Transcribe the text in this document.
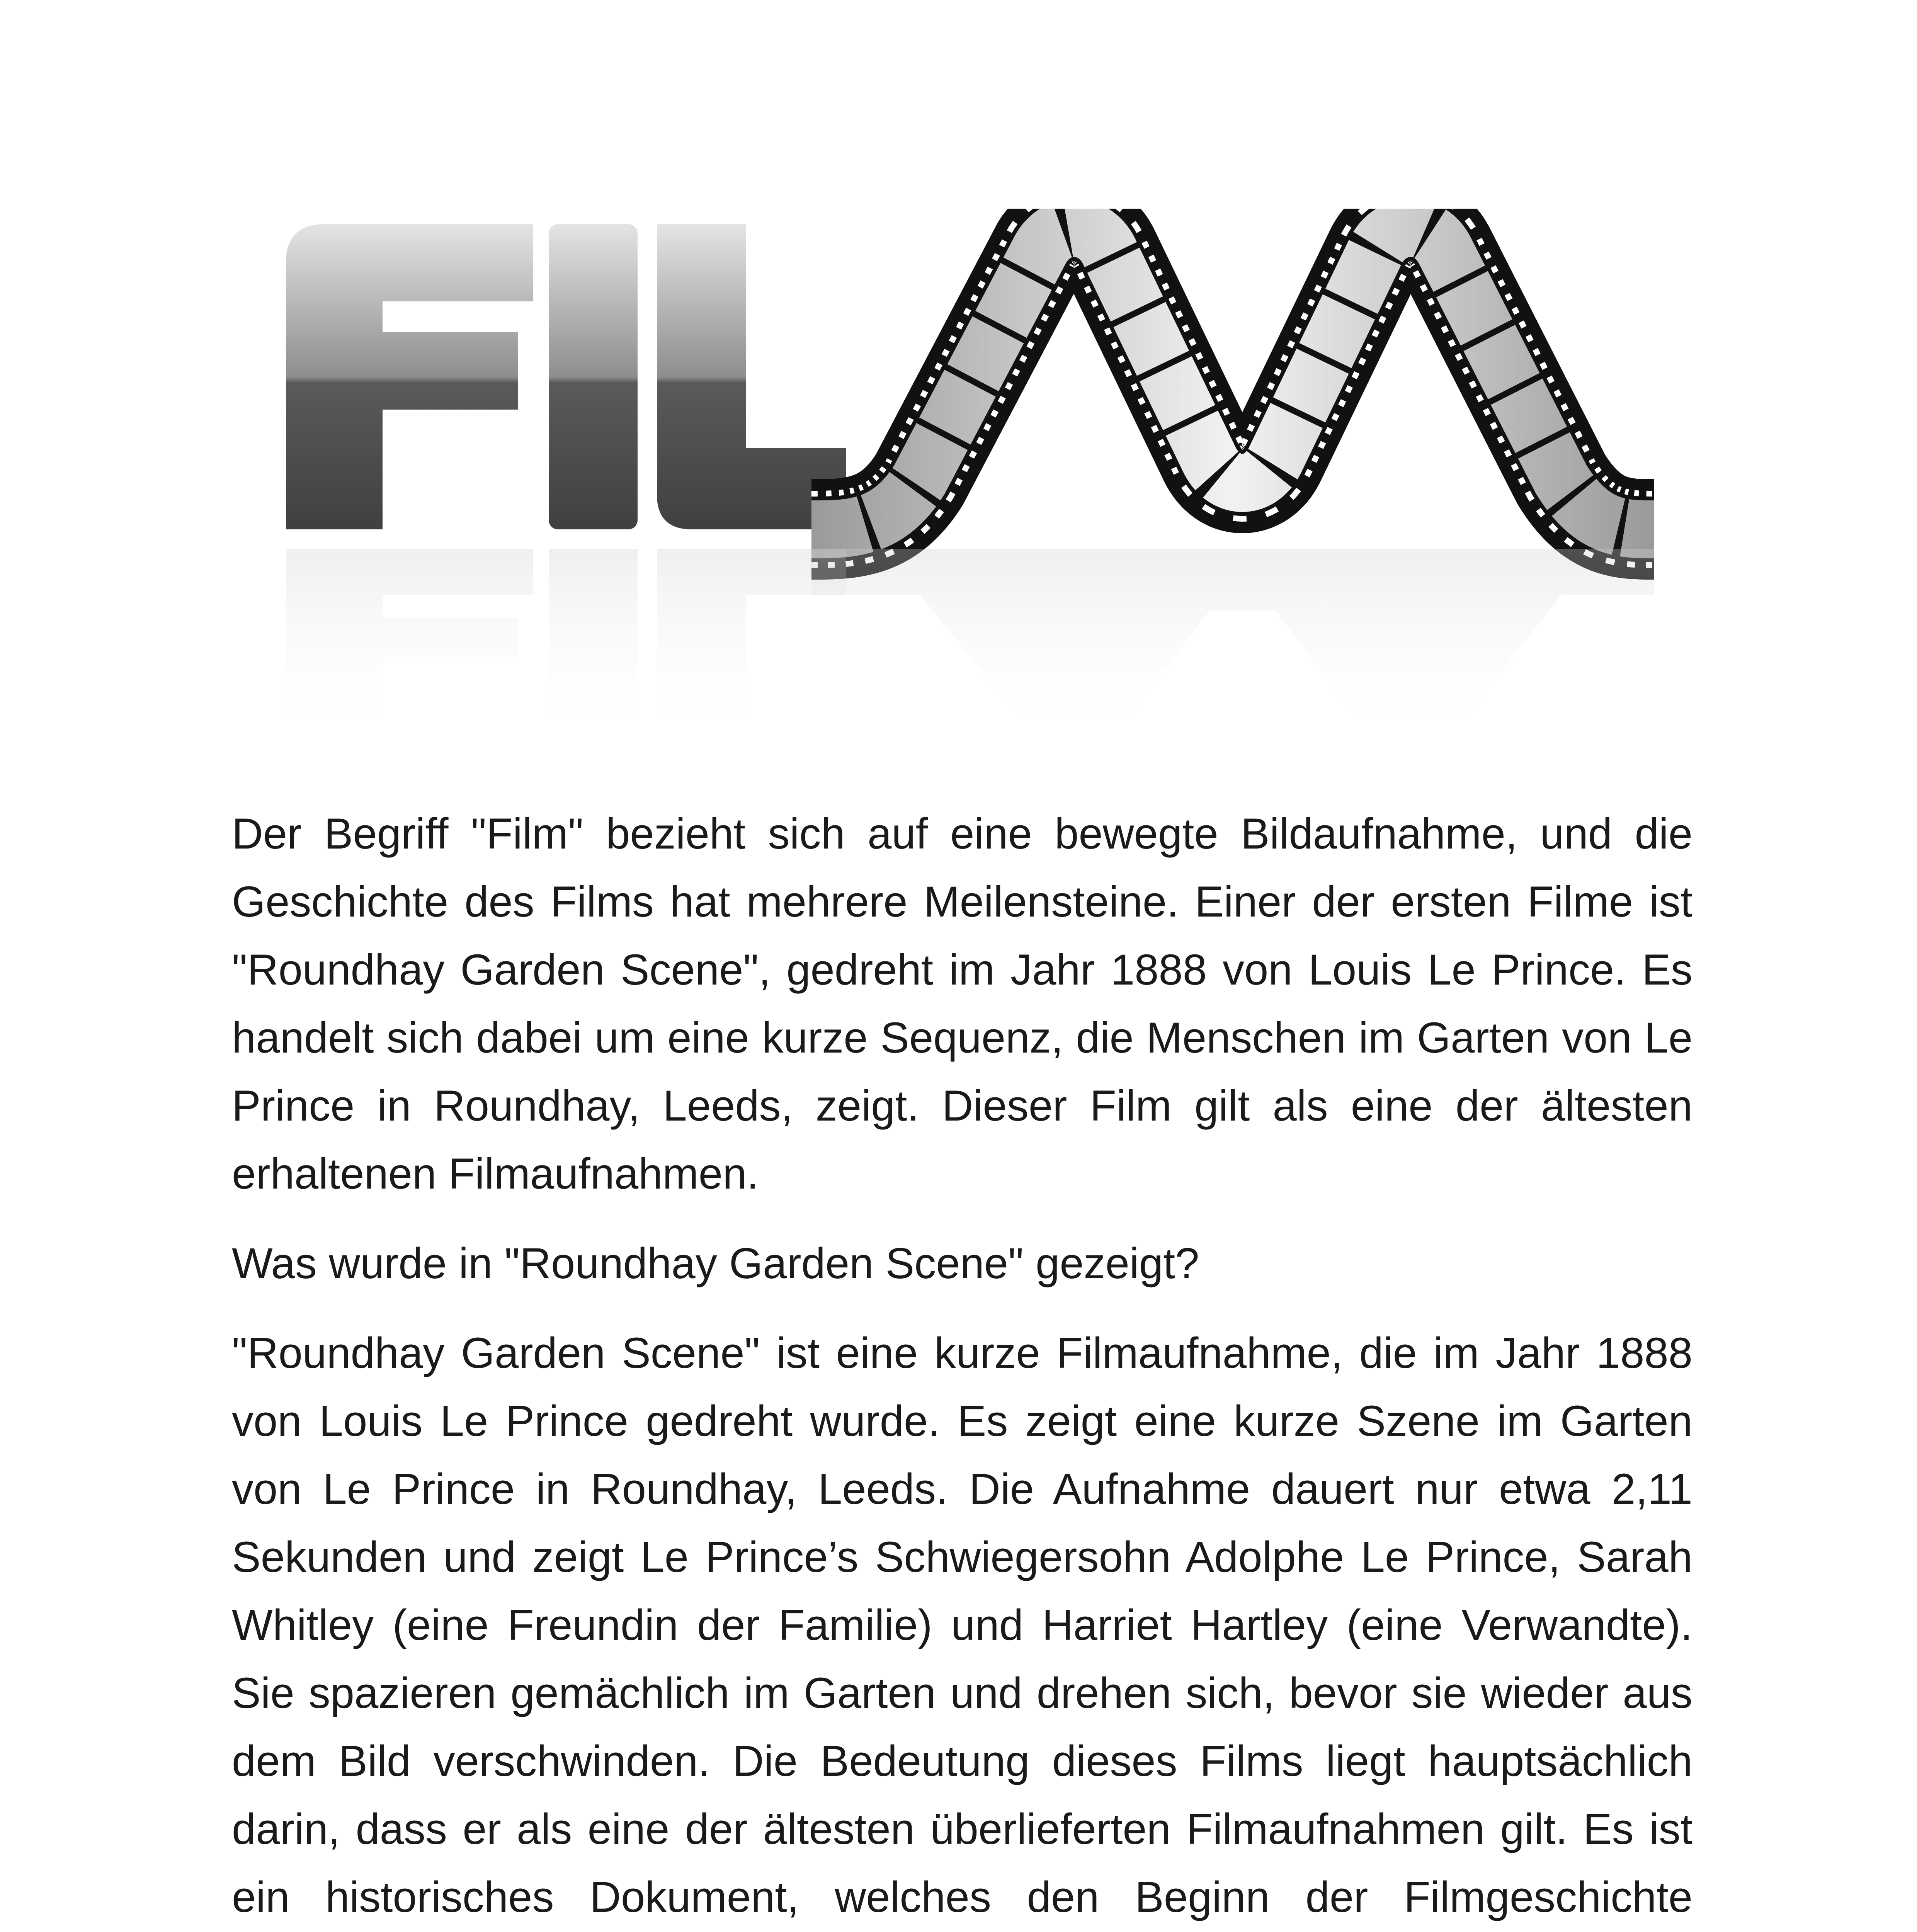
Der Begriff "Film" bezieht sich auf eine bewegte Bildaufnahme, und die Geschichte des Films hat mehrere Meilensteine. Einer der ersten Filme ist "Roundhay Garden Scene", gedreht im Jahr 1888 von Louis Le Prince. Es handelt sich dabei um eine kurze Sequenz, die Menschen im Garten von Le Prince in Roundhay, Leeds, zeigt. Dieser Film gilt als eine der ältesten erhaltenen Filmaufnahmen.

Was wurde in "Roundhay Garden Scene" gezeigt?

"Roundhay Garden Scene" ist eine kurze Filmaufnahme, die im Jahr 1888 von Louis Le Prince gedreht wurde. Es zeigt eine kurze Szene im Garten von Le Prince in Roundhay, Leeds. Die Aufnahme dauert nur etwa 2,11 Sekunden und zeigt Le Prince’s Schwiegersohn Adolphe Le Prince, Sarah Whitley (eine Freundin der Familie) und Harriet Hartley (eine Verwandte). Sie spazieren gemächlich im Garten und drehen sich, bevor sie wieder aus dem Bild verschwinden. Die Bedeutung dieses Films liegt hauptsächlich darin, dass er als eine der ältesten überlieferten Filmaufnahmen gilt. Es ist ein historisches Dokument, welches den Beginn der Filmgeschichte
